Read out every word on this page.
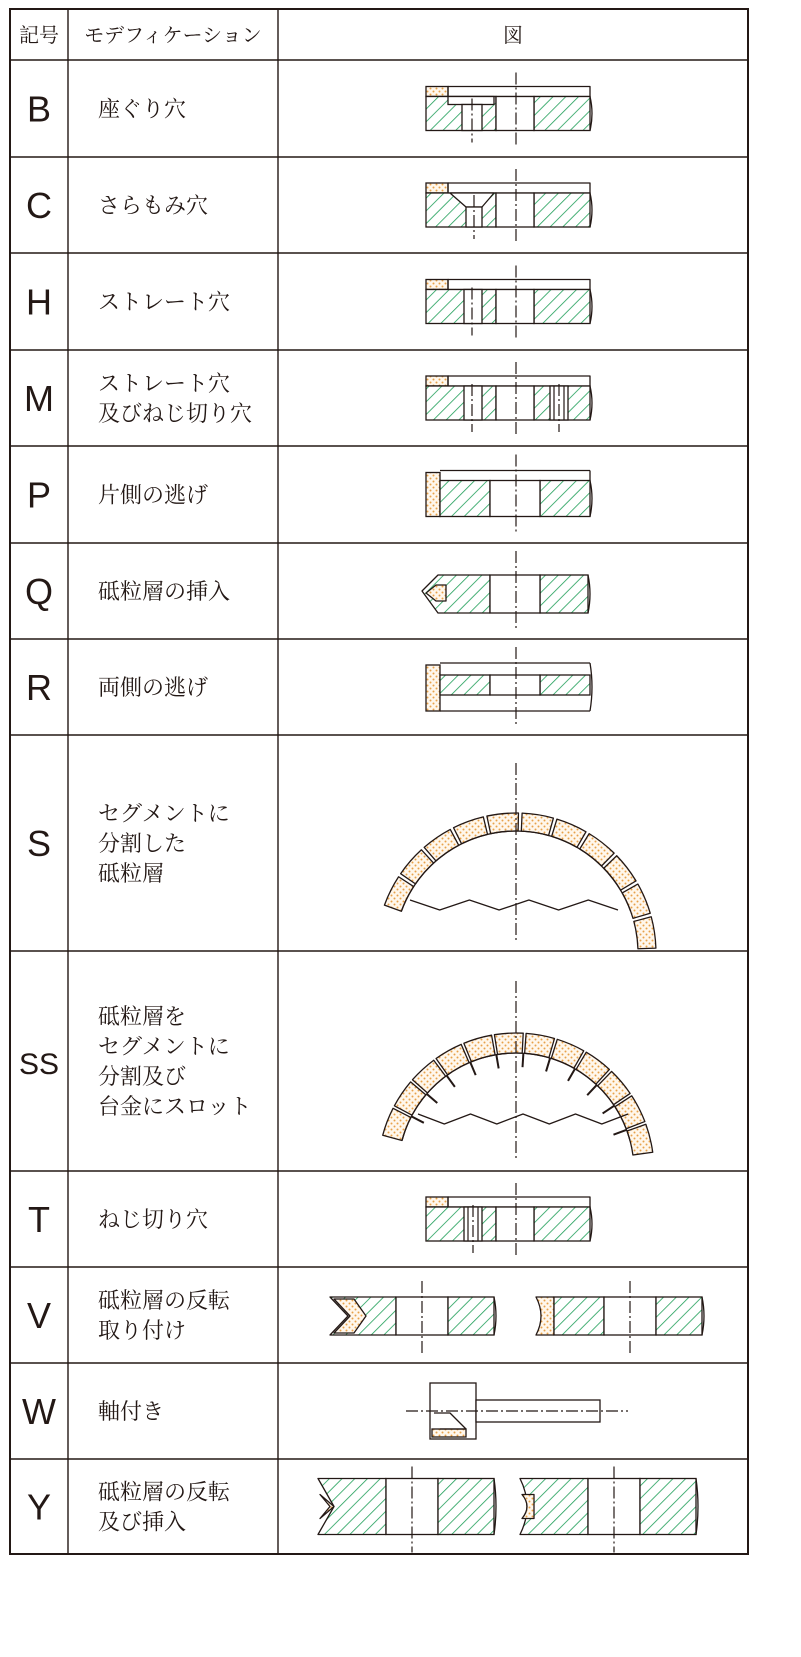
記号 モデフィケーション	図
B 座ぐり穴
C さらもみ穴
H ストレート穴
M ストレート穴
及びねじ切り穴
P 片側の逃げ
Q 砥粒層の挿入
R 両側の逃げ
S
セグメントに
分割した
砥粒層
SS
砥粒層を
セグメントに
分割及び
台金にスロット
T ねじ切り穴
V 砥粒層の反転
取り付け
W 軸付き
Y 砥粒層の反転
及び挿入
